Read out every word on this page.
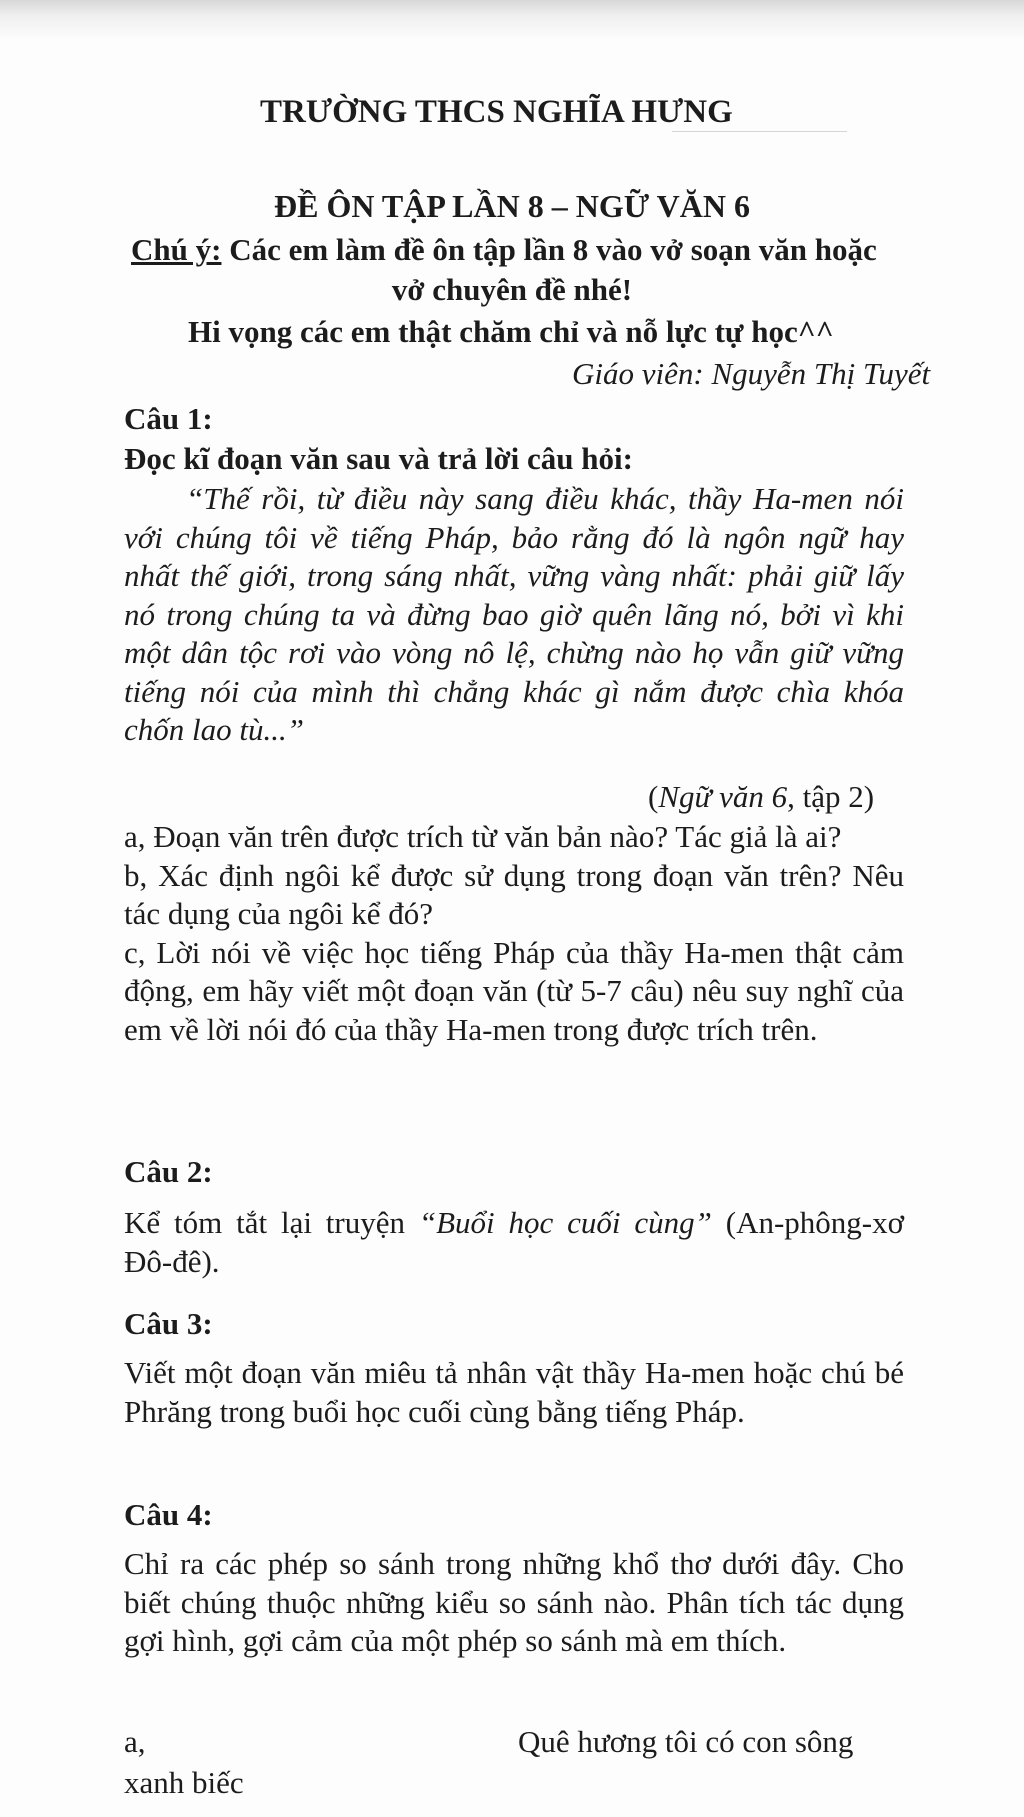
TRƯỜNG THCS NGHĨA HƯNG
ĐỀ ÔN TẬP LẦN 8 – NGỮ VĂN 6
Chú ý: Các em làm đề ôn tập lần 8 vào vở soạn văn hoặc
vở chuyên đề nhé!
Hi vọng các em thật chăm chỉ và nỗ lực tự học^^
Giáo viên: Nguyễn Thị Tuyết
Câu 1:
Đọc kĩ đoạn văn sau và trả lời câu hỏi:

“Thế rồi, từ điều này sang điều khác, thầy Ha-men nói với chúng tôi về tiếng Pháp, bảo rằng đó là ngôn ngữ hay nhất thế giới, trong sáng nhất, vững vàng nhất: phải giữ lấy nó trong chúng ta và đừng bao giờ quên lãng nó, bởi vì khi một dân tộc rơi vào vòng nô lệ, chừng nào họ vẫn giữ vững tiếng nói của mình thì chẳng khác gì nắm được chìa khóa chốn lao tù...”

(Ngữ văn 6, tập 2)

a, Đoạn văn trên được trích từ văn bản nào? Tác giả là ai?

b, Xác định ngôi kể được sử dụng trong đoạn văn trên? Nêu tác dụng của ngôi kể đó?

c, Lời nói về việc học tiếng Pháp của thầy Ha-men thật cảm động, em hãy viết một đoạn văn (từ 5-7 câu) nêu suy nghĩ của em về lời nói đó của thầy Ha-men trong được trích trên.

Câu 2:

Kể tóm tắt lại truyện “Buổi học cuối cùng” (An-phông-xơ Đô-đê).

Câu 3:

Viết một đoạn văn miêu tả nhân vật thầy Ha-men hoặc chú bé Phrăng trong buổi học cuối cùng bằng tiếng Pháp.

Câu 4:

Chỉ ra các phép so sánh trong những khổ thơ dưới đây. Cho biết chúng thuộc những kiểu so sánh nào. Phân tích tác dụng gợi hình, gợi cảm của một phép so sánh mà em thích.

a,	Quê hương tôi có con sông
xanh biếc
